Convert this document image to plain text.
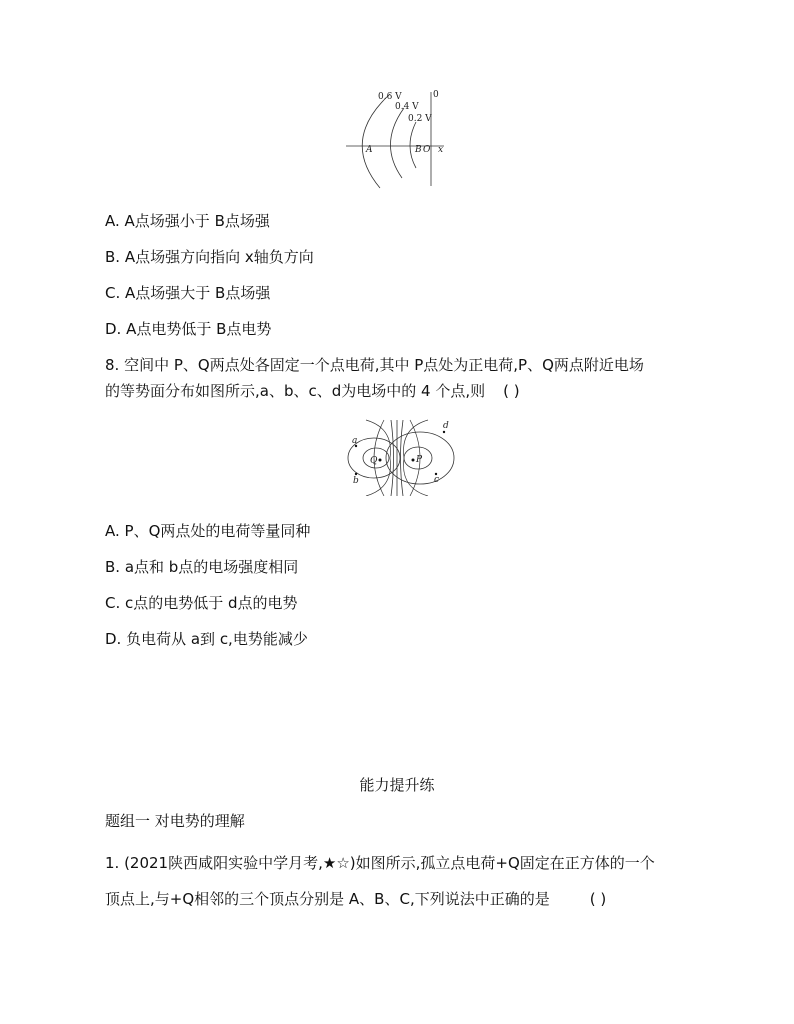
0.6 V
0.4 V
0.2 V
0
A	B O x
A. A点场强小于 B点场强
B. A点场强方向指向 x轴负方向
C. A点场强大于 B点场强
D. A点电势低于 B点电势
8. 空间中 P、Q两点处各固定一个点电荷,其中 P点处为正电荷,P、Q两点附近电场
的等势面分布如图所示,a、b、c、d为电场中的 4 个点,则 ( )
Q	P
a
b	c
d
A. P、Q两点处的电荷等量同种
B. a点和 b点的电场强度相同
C. c点的电势低于 d点的电势
D. 负电荷从 a到 c,电势能减少
能力提升练
题组一 对电势的理解
1. (2021陕西咸阳实验中学月考,★☆)如图所示,孤立点电荷+Q固定在正方体的一个
顶点上,与+Q相邻的三个顶点分别是 A、B、C,下列说法中正确的是	( )
